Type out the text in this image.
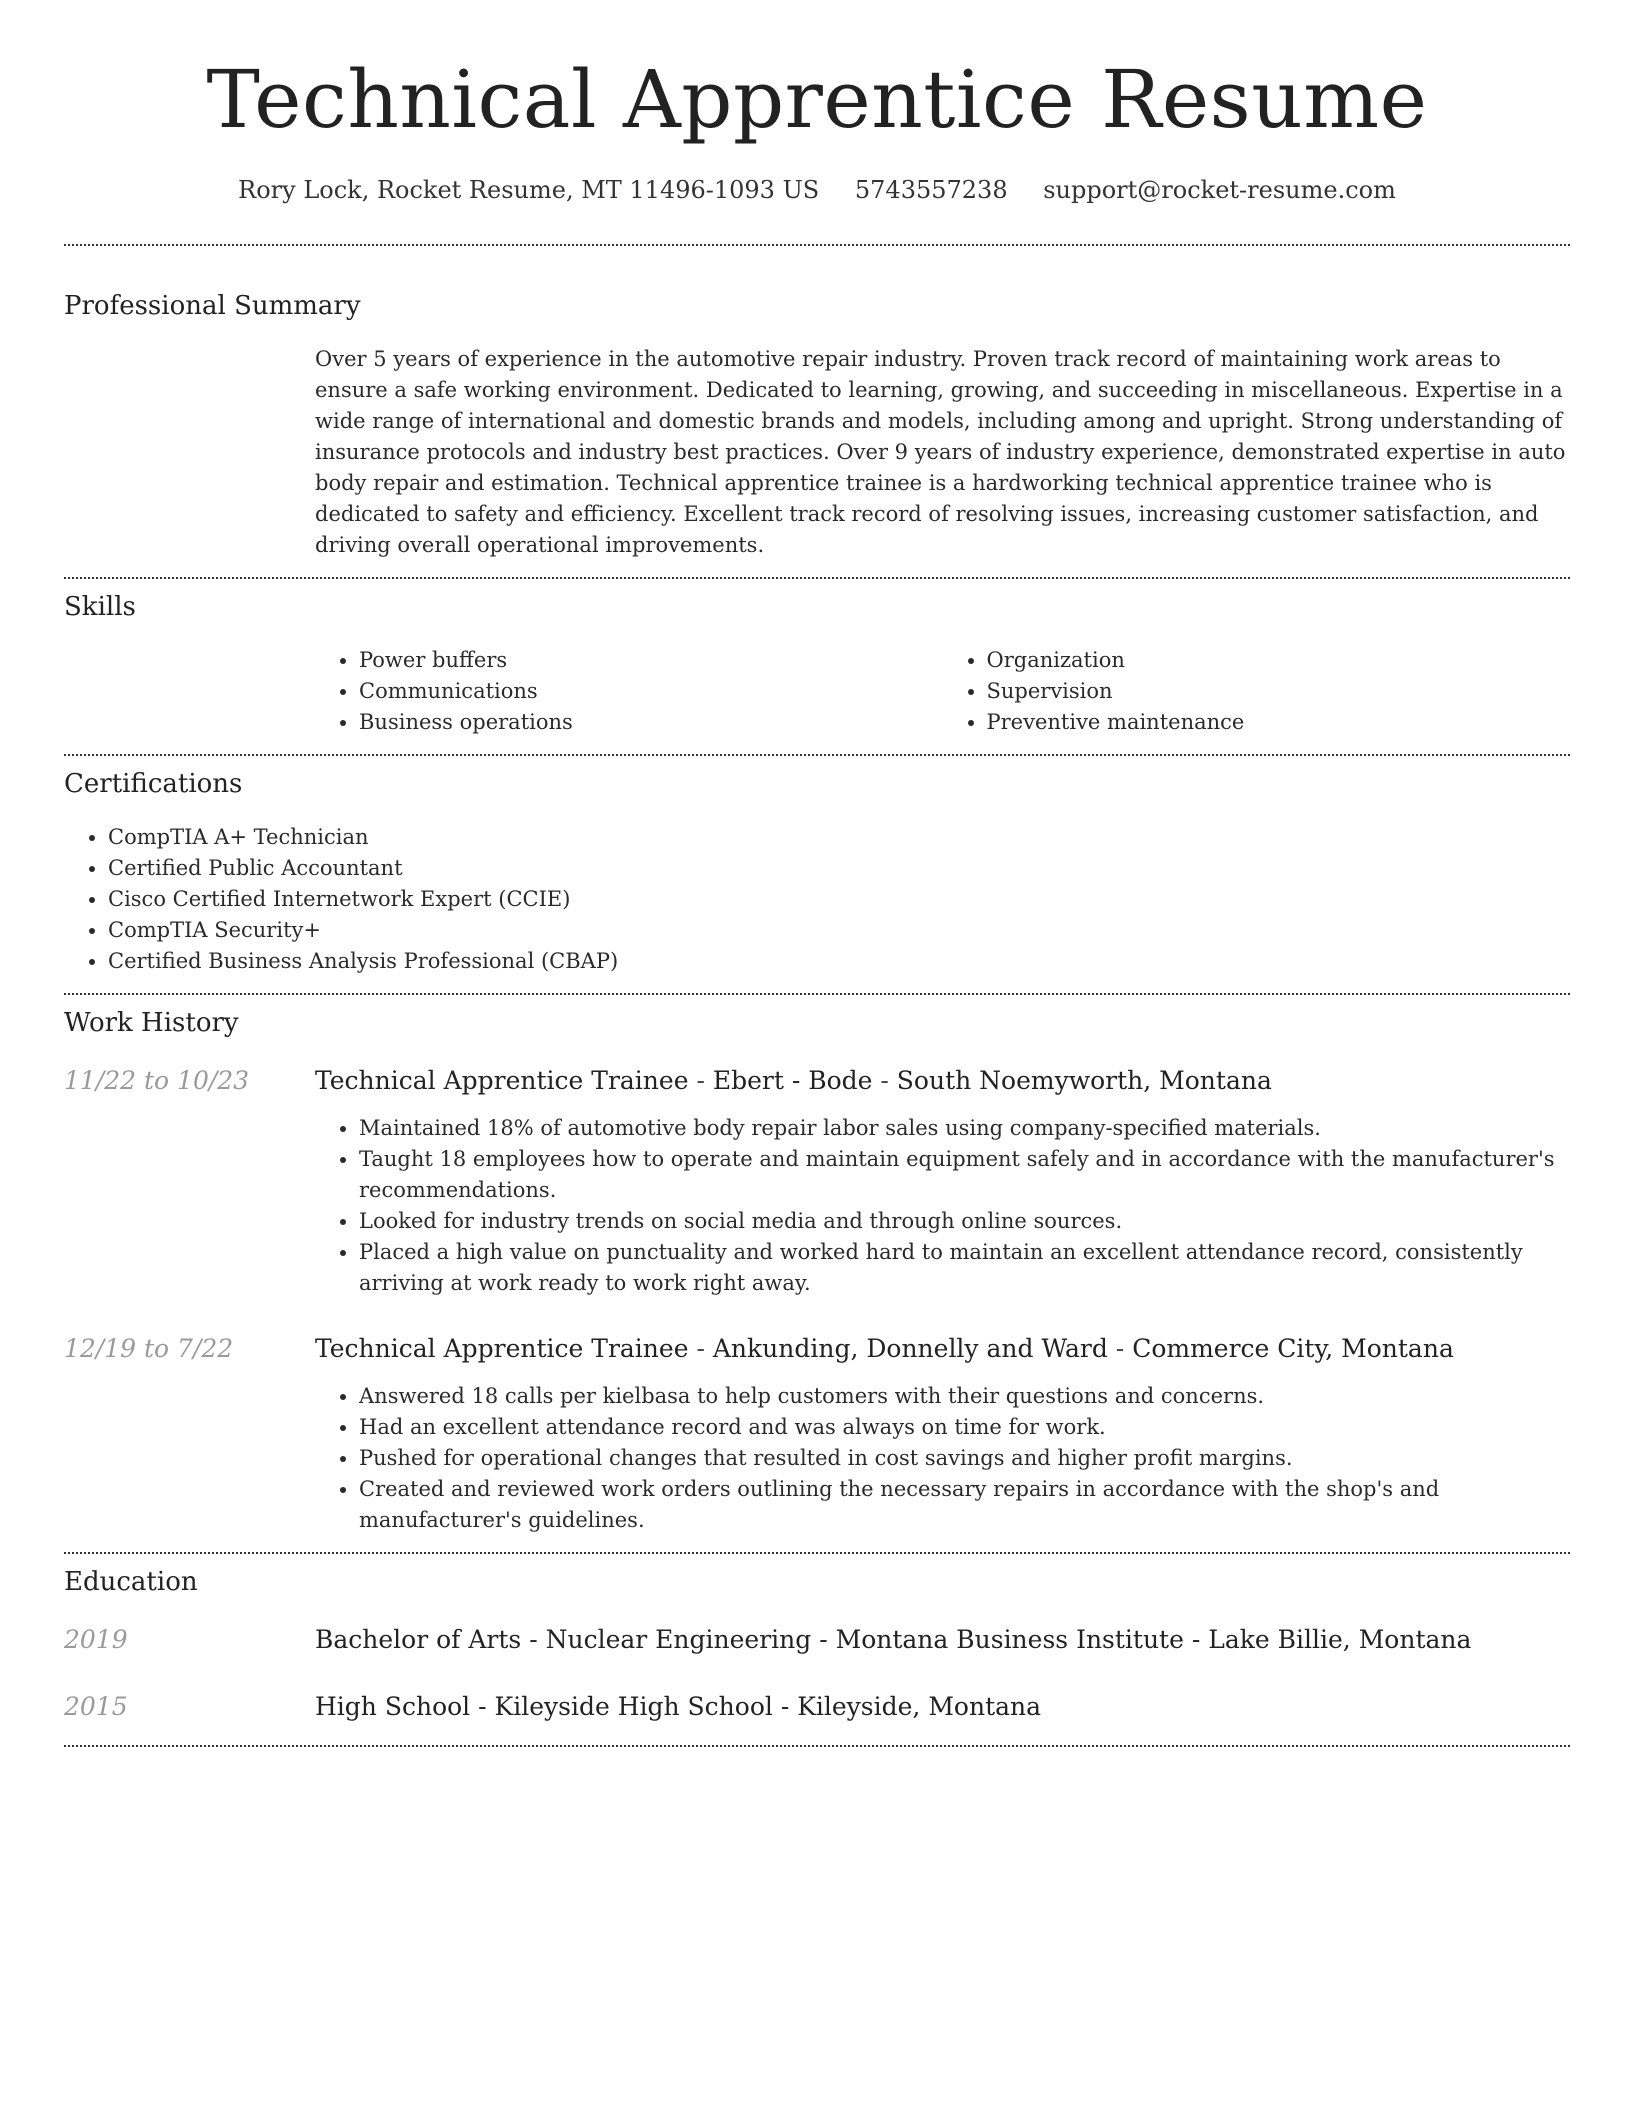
Technical Apprentice Resume
Rory Lock, Rocket Resume, MT 11496-1093 US 5743557238 support@rocket-resume.com
Professional Summary
Over 5 years of experience in the automotive repair industry. Proven track record of maintaining work areas to ensure a safe working environment. Dedicated to learning, growing, and succeeding in miscellaneous. Expertise in a wide range of international and domestic brands and models, including among and upright. Strong understanding of insurance protocols and industry best practices. Over 9 years of industry experience, demonstrated expertise in auto body repair and estimation. Technical apprentice trainee is a hardworking technical apprentice trainee who is dedicated to safety and efficiency. Excellent track record of resolving issues, increasing customer satisfaction, and driving overall operational improvements.
Skills
• Power buffers
• Communications
• Business operations
• Organization
• Supervision
• Preventive maintenance
Certifications
• CompTIA A+ Technician
• Certified Public Accountant
• Cisco Certified Internetwork Expert (CCIE)
• CompTIA Security+
• Certified Business Analysis Professional (CBAP)
Work History
11/22 to 10/23	Technical Apprentice Trainee - Ebert - Bode - South Noemyworth, Montana
• Maintained 18% of automotive body repair labor sales using company-specified materials.
• Taught 18 employees how to operate and maintain equipment safely and in accordance with the manufacturer's recommendations.
• Looked for industry trends on social media and through online sources.
• Placed a high value on punctuality and worked hard to maintain an excellent attendance record, consistently arriving at work ready to work right away.
12/19 to 7/22	Technical Apprentice Trainee - Ankunding, Donnelly and Ward - Commerce City, Montana
• Answered 18 calls per kielbasa to help customers with their questions and concerns.
• Had an excellent attendance record and was always on time for work.
• Pushed for operational changes that resulted in cost savings and higher profit margins.
• Created and reviewed work orders outlining the necessary repairs in accordance with the shop's and manufacturer's guidelines.
Education
2019	Bachelor of Arts - Nuclear Engineering - Montana Business Institute - Lake Billie, Montana
2015	High School - Kileyside High School - Kileyside, Montana
